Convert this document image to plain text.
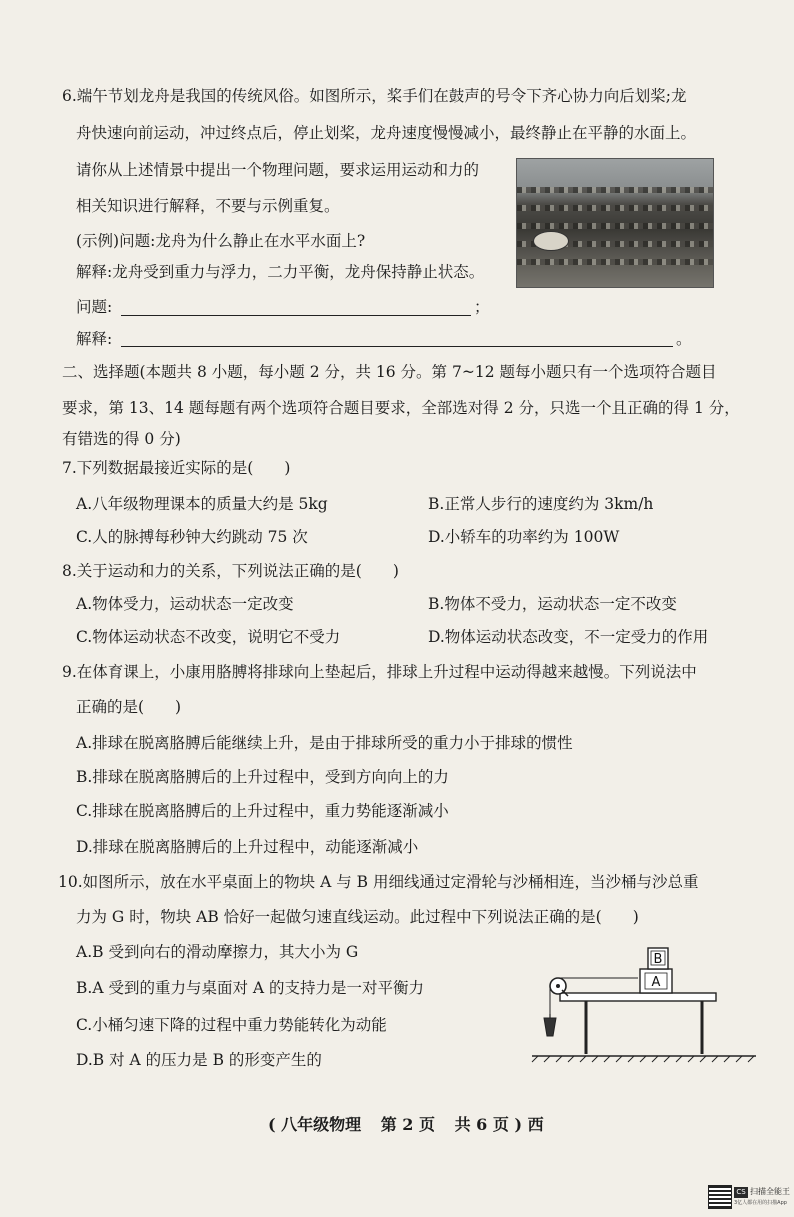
6.端午节划龙舟是我国的传统风俗。如图所示，桨手们在鼓声的号令下齐心协力向后划桨;龙
舟快速向前运动，冲过终点后，停止划桨，龙舟速度慢慢减小，最终静止在平静的水面上。
请你从上述情景中提出一个物理问题，要求运用运动和力的
相关知识进行解释，不要与示例重复。
(示例)问题:龙舟为什么静止在水平水面上?
解释:龙舟受到重力与浮力，二力平衡，龙舟保持静止状态。
问题:	；
解释:	。
二、选择题(本题共 8 小题，每小题 2 分，共 16 分。第 7~12 题每小题只有一个选项符合题目
要求，第 13、14 题每题有两个选项符合题目要求，全部选对得 2 分，只选一个且正确的得 1 分，
有错选的得 0 分)
7.下列数据最接近实际的是(　　)
A.八年级物理课本的质量大约是 5kg	B.正常人步行的速度约为 3km/h
C.人的脉搏每秒钟大约跳动 75 次	D.小轿车的功率约为 100W
8.关于运动和力的关系，下列说法正确的是(　　)
A.物体受力，运动状态一定改变	B.物体不受力，运动状态一定不改变
C.物体运动状态不改变，说明它不受力	D.物体运动状态改变，不一定受力的作用
9.在体育课上，小康用胳膊将排球向上垫起后，排球上升过程中运动得越来越慢。下列说法中
正确的是(　　)
A.排球在脱离胳膊后能继续上升，是由于排球所受的重力小于排球的惯性
B.排球在脱离胳膊后的上升过程中，受到方向向上的力
C.排球在脱离胳膊后的上升过程中，重力势能逐渐减小
D.排球在脱离胳膊后的上升过程中，动能逐渐减小
10.如图所示，放在水平桌面上的物块 A 与 B 用细线通过定滑轮与沙桶相连，当沙桶与沙总重
力为 G 时，物块 AB 恰好一起做匀速直线运动。此过程中下列说法正确的是(　　)
A.B 受到向右的滑动摩擦力，其大小为 G
B.A 受到的重力与桌面对 A 的支持力是一对平衡力
C.小桶匀速下降的过程中重力势能转化为动能
D.B 对 A 的压力是 B 的形变产生的
B
A
( 八年级物理 第 2 页 共 6 页 ) 西
CS 扫描全能王
3亿人都在用的扫描App
